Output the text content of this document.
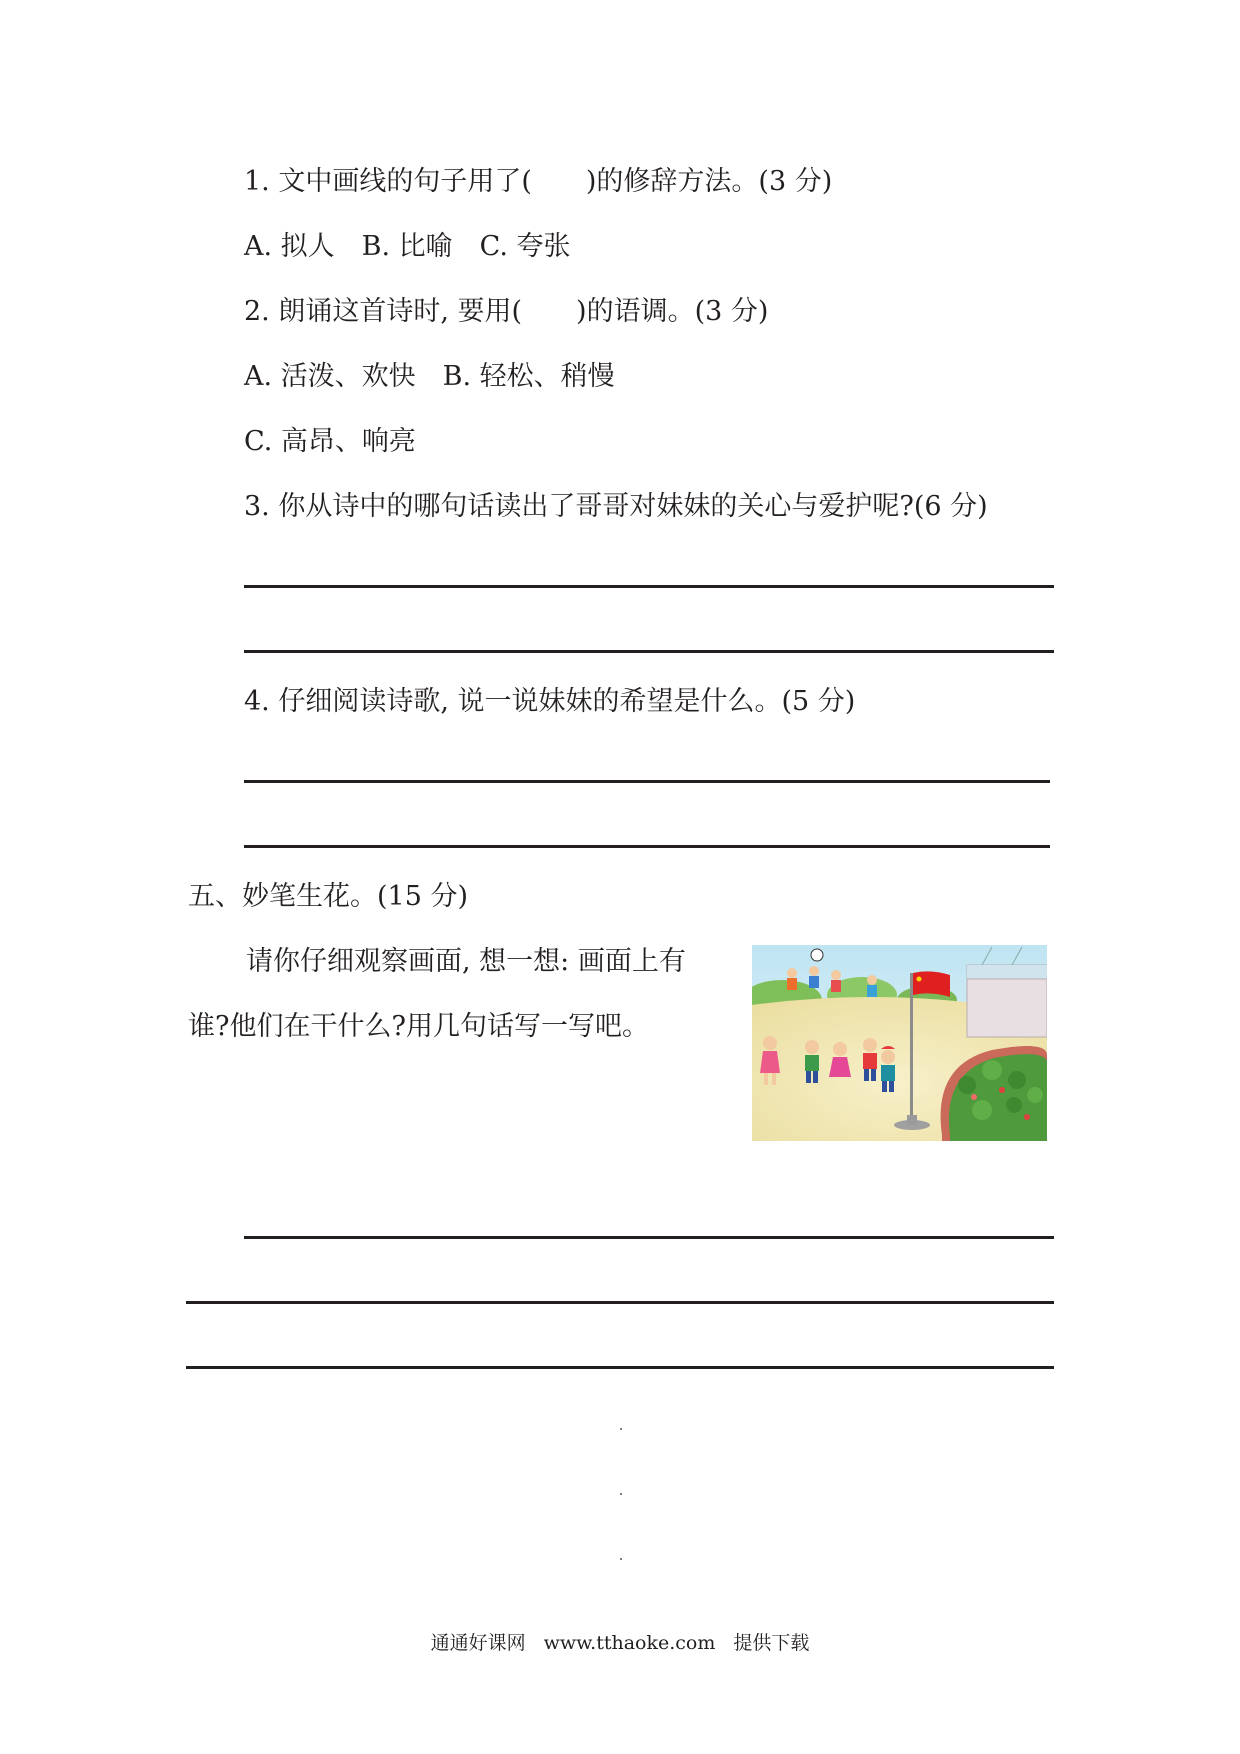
1. 文中画线的句子用了(　　)的修辞方法。(3 分)
A. 拟人　B. 比喻　C. 夸张
2. 朗诵这首诗时, 要用(　　)的语调。(3 分)
A. 活泼、欢快　B. 轻松、稍慢
C. 高昂、响亮
3. 你从诗中的哪句话读出了哥哥对妹妹的关心与爱护呢?(6 分)
4. 仔细阅读诗歌, 说一说妹妹的希望是什么。(5 分)
五、妙笔生花。(15 分)
请你仔细观察画面, 想一想: 画面上有
谁?他们在干什么?用几句话写一写吧。
通通好课网 www.tthaoke.com 提供下载
